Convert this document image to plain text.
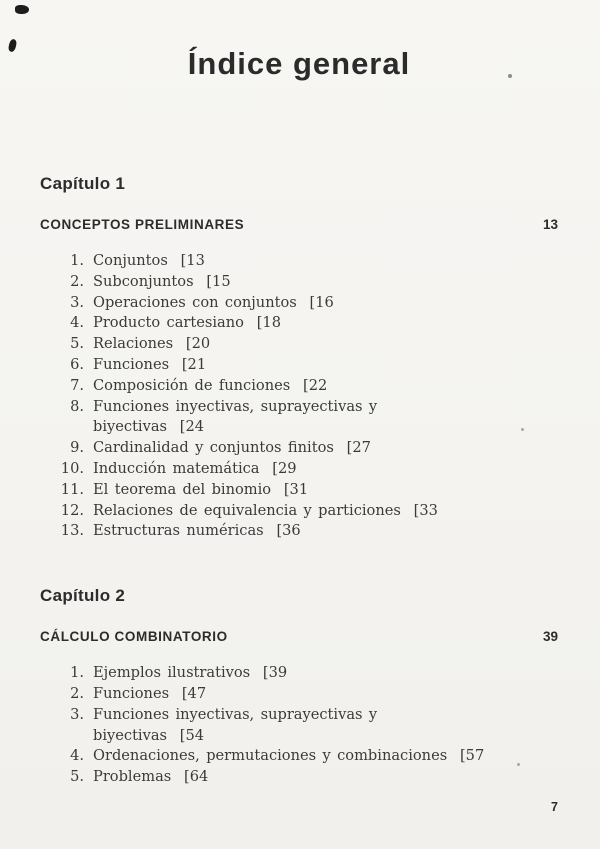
Índice general
Capítulo 1
CONCEPTOS PRELIMINARES	13
1. Conjuntos  [13
2. Subconjuntos  [15
3. Operaciones con conjuntos  [16
4. Producto cartesiano  [18
5. Relaciones  [20
6. Funciones  [21
7. Composición de funciones  [22
8. Funciones inyectivas, suprayectivas y
biyectivas  [24
9. Cardinalidad y conjuntos finitos  [27
10. Inducción matemática  [29
11. El teorema del binomio  [31
12. Relaciones de equivalencia y particiones  [33
13. Estructuras numéricas  [36
Capítulo 2
CÁLCULO COMBINATORIO	39
1. Ejemplos ilustrativos  [39
2. Funciones  [47
3. Funciones inyectivas, suprayectivas y
biyectivas  [54
4. Ordenaciones, permutaciones y combinaciones  [57
5. Problemas  [64
7
